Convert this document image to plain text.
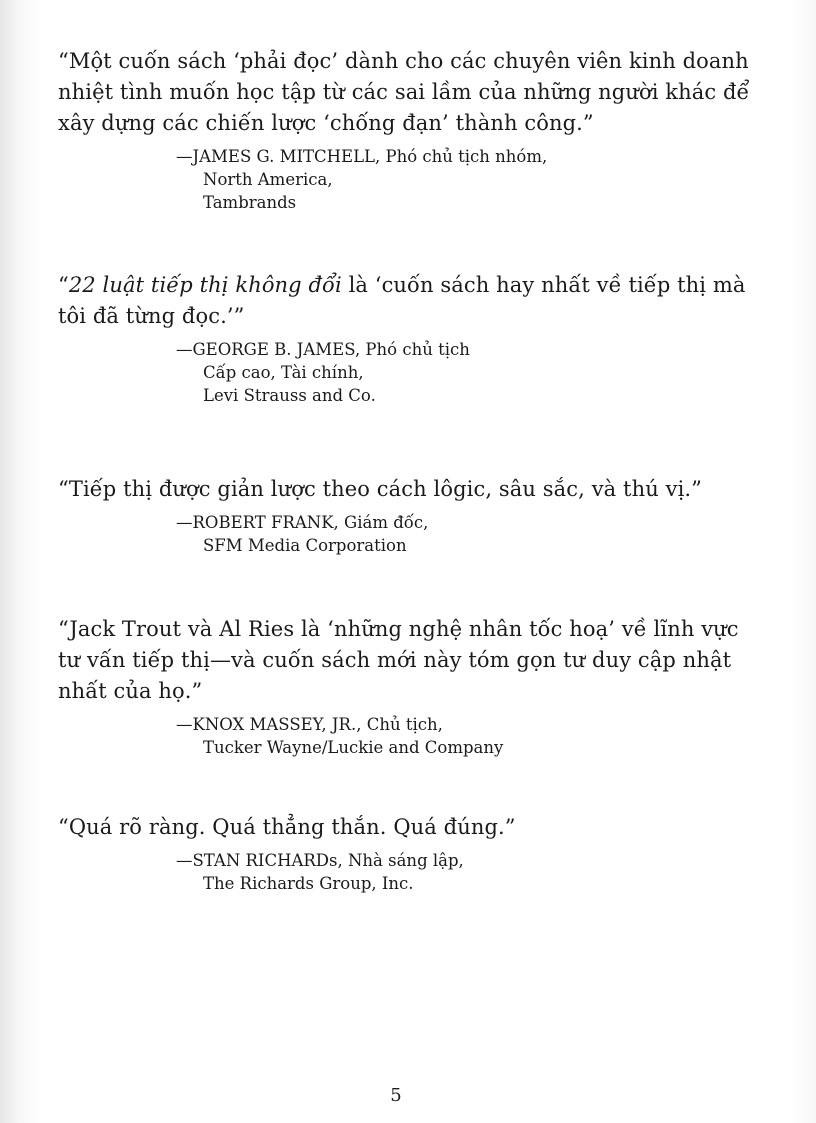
“Một cuốn sách ‘phải đọc’ dành cho các chuyên viên kinh doanh nhiệt tình muốn học tập từ các sai lầm của những người khác để xây dựng các chiến lược ‘chống đạn’ thành công.”

—JAMES G. MITCHELL, Phó chủ tịch nhóm,
North America,
Tambrands

“22 luật tiếp thị không đổi là ‘cuốn sách hay nhất về tiếp thị mà tôi đã từng đọc.’”

—GEORGE B. JAMES, Phó chủ tịch
Cấp cao, Tài chính,
Levi Strauss and Co.

“Tiếp thị được giản lược theo cách lôgic, sâu sắc, và thú vị.”

—ROBERT FRANK, Giám đốc,
SFM Media Corporation

“Jack Trout và Al Ries là ‘những nghệ nhân tốc hoạ’ về lĩnh vực tư vấn tiếp thị—và cuốn sách mới này tóm gọn tư duy cập nhật nhất của họ.”

—KNOX MASSEY, JR., Chủ tịch,
Tucker Wayne/Luckie and Company

“Quá rõ ràng. Quá thẳng thắn. Quá đúng.”

—STAN RICHARDs, Nhà sáng lập,
The Richards Group, Inc.

5
